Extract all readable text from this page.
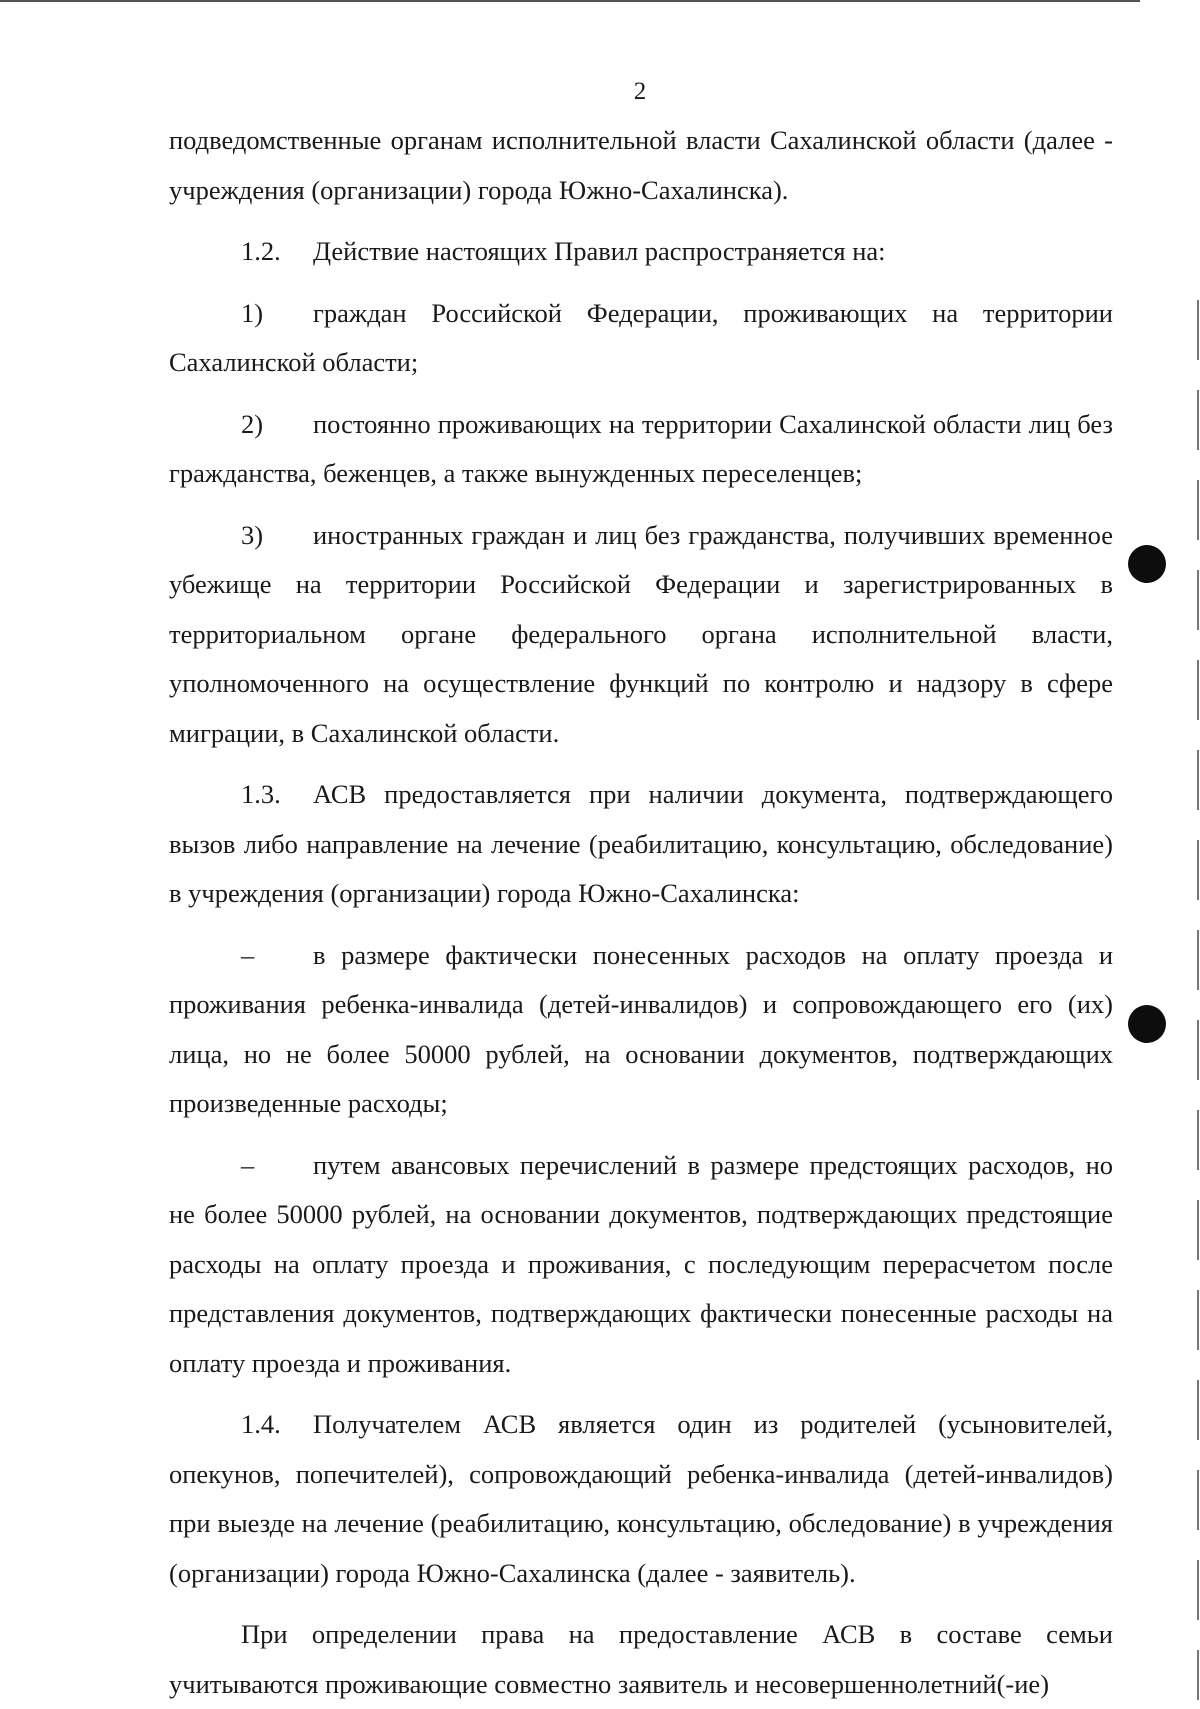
2

подведомственные органам исполнительной власти Сахалинской области (далее - учреждения (организации) города Южно-Сахалинска).

1.2. Действие настоящих Правил распространяется на:

1) граждан Российской Федерации, проживающих на территории Сахалинской области;

2) постоянно проживающих на территории Сахалинской области лиц без гражданства, беженцев, а также вынужденных переселенцев;

3) иностранных граждан и лиц без гражданства, получивших временное убежище на территории Российской Федерации и зарегистрированных в территориальном органе федерального органа исполнительной власти, уполномоченного на осуществление функций по контролю и надзору в сфере миграции, в Сахалинской области.

1.3. АСВ предоставляется при наличии документа, подтверждающего вызов либо направление на лечение (реабилитацию, консультацию, обследование) в учреждения (организации) города Южно-Сахалинска:

– в размере фактически понесенных расходов на оплату проезда и проживания ребенка-инвалида (детей-инвалидов) и сопровождающего его (их) лица, но не более 50000 рублей, на основании документов, подтверждающих произведенные расходы;

– путем авансовых перечислений в размере предстоящих расходов, но не более 50000 рублей, на основании документов, подтверждающих предстоящие расходы на оплату проезда и проживания, с последующим перерасчетом после представления документов, подтверждающих фактически понесенные расходы на оплату проезда и проживания.

1.4. Получателем АСВ является один из родителей (усыновителей, опекунов, попечителей), сопровождающий ребенка-инвалида (детей-инвалидов) при выезде на лечение (реабилитацию, консультацию, обследование) в учреждения (организации) города Южно-Сахалинска (далее - заявитель).

При определении права на предоставление АСВ в составе семьи учитываются проживающие совместно заявитель и несовершеннолетний(-ие)
